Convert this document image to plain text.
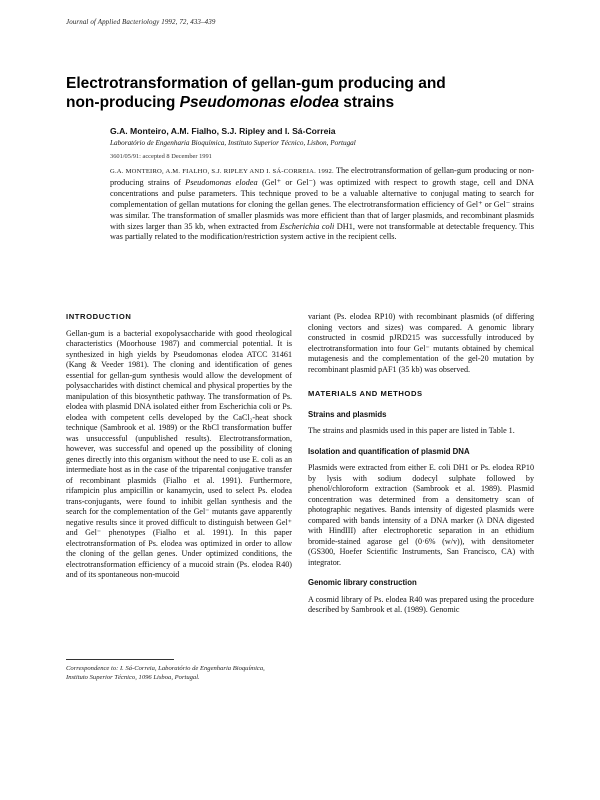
Journal of Applied Bacteriology 1992, 72, 433–439
Electrotransformation of gellan-gum producing and
non-producing Pseudomonas elodea strains
G.A. Monteiro, A.M. Fialho, S.J. Ripley and I. Sá-Correia
Laboratório de Engenharia Bioquímica, Instituto Superior Técnico, Lisbon, Portugal
3601/05/91: accepted 8 December 1991
G.A. MONTEIRO, A.M. FIALHO, S.J. RIPLEY AND I. SÁ-CORREIA. 1992. The electrotransformation of gellan-gum producing or non-producing strains of Pseudomonas elodea (Gel⁺ or Gel⁻) was optimized with respect to growth stage, cell and DNA concentrations and pulse parameters. This technique proved to be a valuable alternative to conjugal mating to search for complementation of gellan mutations for cloning the gellan genes. The electrotransformation efficiency of Gel⁺ or Gel⁻ strains was similar. The transformation of smaller plasmids was more efficient than that of larger plasmids, and recombinant plasmids with sizes larger than 35 kb, when extracted from Escherichia coli DH1, were not transformable at detectable frequency. This was partially related to the modification/restriction system active in the recipient cells.
INTRODUCTION

Gellan-gum is a bacterial exopolysaccharide with good rheological characteristics (Moorhouse 1987) and commercial potential. It is synthesized in high yields by Pseudomonas elodea ATCC 31461 (Kang & Veeder 1981). The cloning and identification of genes essential for gellan-gum synthesis would allow the development of polysaccharides with distinct chemical and physical properties by the manipulation of this biosynthetic pathway. The transformation of Ps. elodea with plasmid DNA isolated either from Escherichia coli or Ps. elodea with competent cells developed by the CaCl₂-heat shock technique (Sambrook et al. 1989) or the RbCl transformation buffer was unsuccessful (unpublished results). Electrotransformation, however, was successful and opened up the possibility of cloning genes directly into this organism without the need to use E. coli as an intermediate host as in the case of the triparental conjugative transfer of recombinant plasmids (Fialho et al. 1991). Furthermore, rifampicin plus ampicillin or kanamycin, used to select Ps. elodea trans-conjugants, were found to inhibit gellan synthesis and the search for the complementation of the Gel⁻ mutants gave apparently negative results since it proved difficult to distinguish between Gel⁺ and Gel⁻ phenotypes (Fialho et al. 1991). In this paper electrotransformation of Ps. elodea was optimized in order to allow the cloning of the gellan genes. Under optimized conditions, the electrotransformation efficiency of a mucoid strain (Ps. elodea R40) and of its spontaneous non-mucoid

variant (Ps. elodea RP10) with recombinant plasmids (of differing cloning vectors and sizes) was compared. A genomic library constructed in cosmid pJRD215 was successfully introduced by electrotransformation into four Gel⁻ mutants obtained by chemical mutagenesis and the complementation of the gel-20 mutation by recombinant plasmid pAF1 (35 kb) was observed.

MATERIALS AND METHODS
Strains and plasmids

The strains and plasmids used in this paper are listed in Table 1.

Isolation and quantification of plasmid DNA

Plasmids were extracted from either E. coli DH1 or Ps. elodea RP10 by lysis with sodium dodecyl sulphate followed by phenol/chloroform extraction (Sambrook et al. 1989). Plasmid concentration was determined from a densitometry scan of photographic negatives. Bands intensity of digested plasmids were compared with bands intensity of a DNA marker (λ DNA digested with HindIII) after electrophoretic separation in an ethidium bromide-stained agarose gel (0·6% (w/v)), with densitometer (GS300, Hoefer Scientific Instruments, San Francisco, CA) with integrator.

Genomic library construction

A cosmid library of Ps. elodea R40 was prepared using the procedure described by Sambrook et al. (1989). Genomic

Correspondence to: I. Sá-Correia, Laboratório de Engenharia Bioquímica,
Instituto Superior Técnico, 1096 Lisboa, Portugal.
